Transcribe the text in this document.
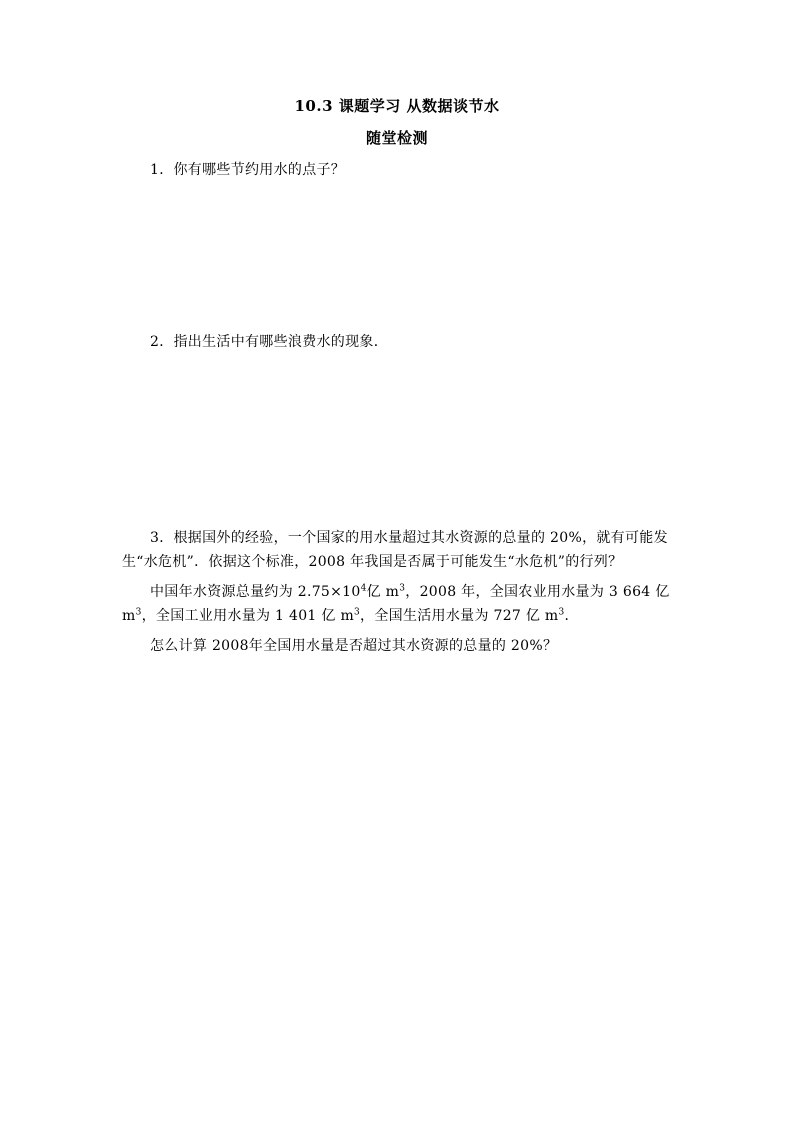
10.3 课题学习 从数据谈节水
随堂检测
1．你有哪些节约用水的点子？
2．指出生活中有哪些浪费水的现象．
3．根据国外的经验，一个国家的用水量超过其水资源的总量的 20%，就有可能发生“水危机”．依据这个标准，2008 年我国是否属于可能发生“水危机”的行列？
中国年水资源总量约为 $2.75\times 10^4$亿 $m^3$，2008 年，全国农业用水量为 3 664 亿 $m^3$，全国工业用水量为 1 401 亿 $m^3$，全国生活用水量为 727 亿 $m^3$．
怎么计算 2008年全国用水量是否超过其水资源的总量的 20%？
